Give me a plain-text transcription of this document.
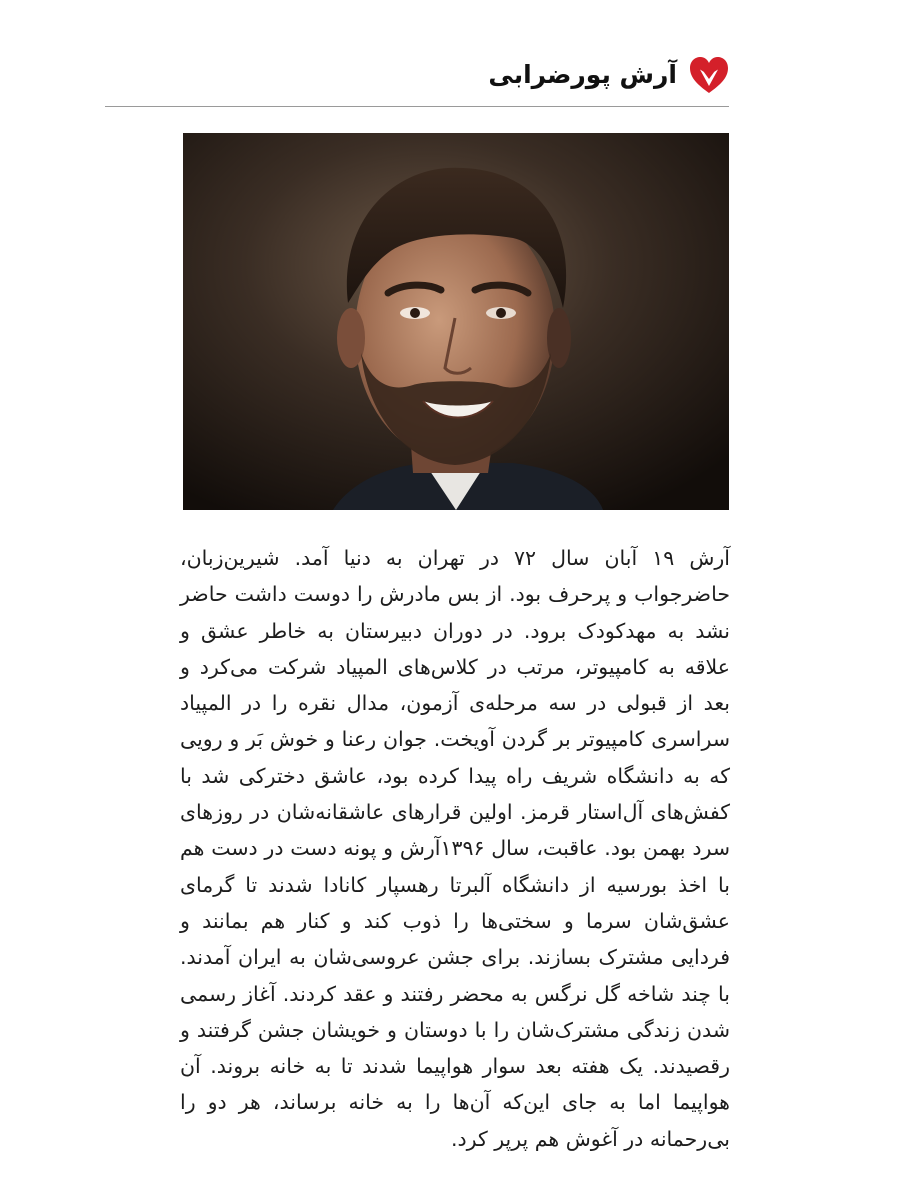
آرش پورضرابی

آرش ۱۹ آبان سال ۷۲ در تهران به دنیا آمد. شیرین‌زبان، حاضرجواب و پرحرف بود. از بس مادرش را دوست داشت حاضر نشد به مهدکودک برود. در دوران دبیرستان به خاطر عشق و علاقه به کامپیوتر، مرتب در کلاس‌های المپیاد شرکت می‌کرد و بعد از قبولی در سه مرحله‌ی آزمون، مدال نقره را در المپیاد سراسری کامپیوتر بر گردن آویخت. جوان رعنا و خوش بَر و رویی که به دانشگاه شریف راه پیدا کرده بود، عاشق دخترکی شد با کفش‌های آل‌استار قرمز. اولین قرارهای عاشقانه‌شان در روزهای سرد بهمن بود. عاقبت، سال ۱۳۹۶آرش و پونه دست در دست هم با اخذ بورسیه از دانشگاه آلبرتا رهسپار کانادا شدند تا گرمای عشق‌شان سرما و سختی‌ها را ذوب کند و کنار هم بمانند و فردایی مشترک بسازند. برای جشن عروسی‌شان به ایران آمدند. با چند شاخه گل نرگس به محضر رفتند و عقد کردند. آغاز رسمی شدن زندگی مشترک‌شان را با دوستان و خویشان جشن گرفتند و رقصیدند. یک هفته بعد سوار هواپیما شدند تا به خانه بروند. آن هواپیما اما به جای این‌که آن‌ها را به خانه برساند، هر دو را بی‌رحمانه در آغوش هم پرپر کرد.
